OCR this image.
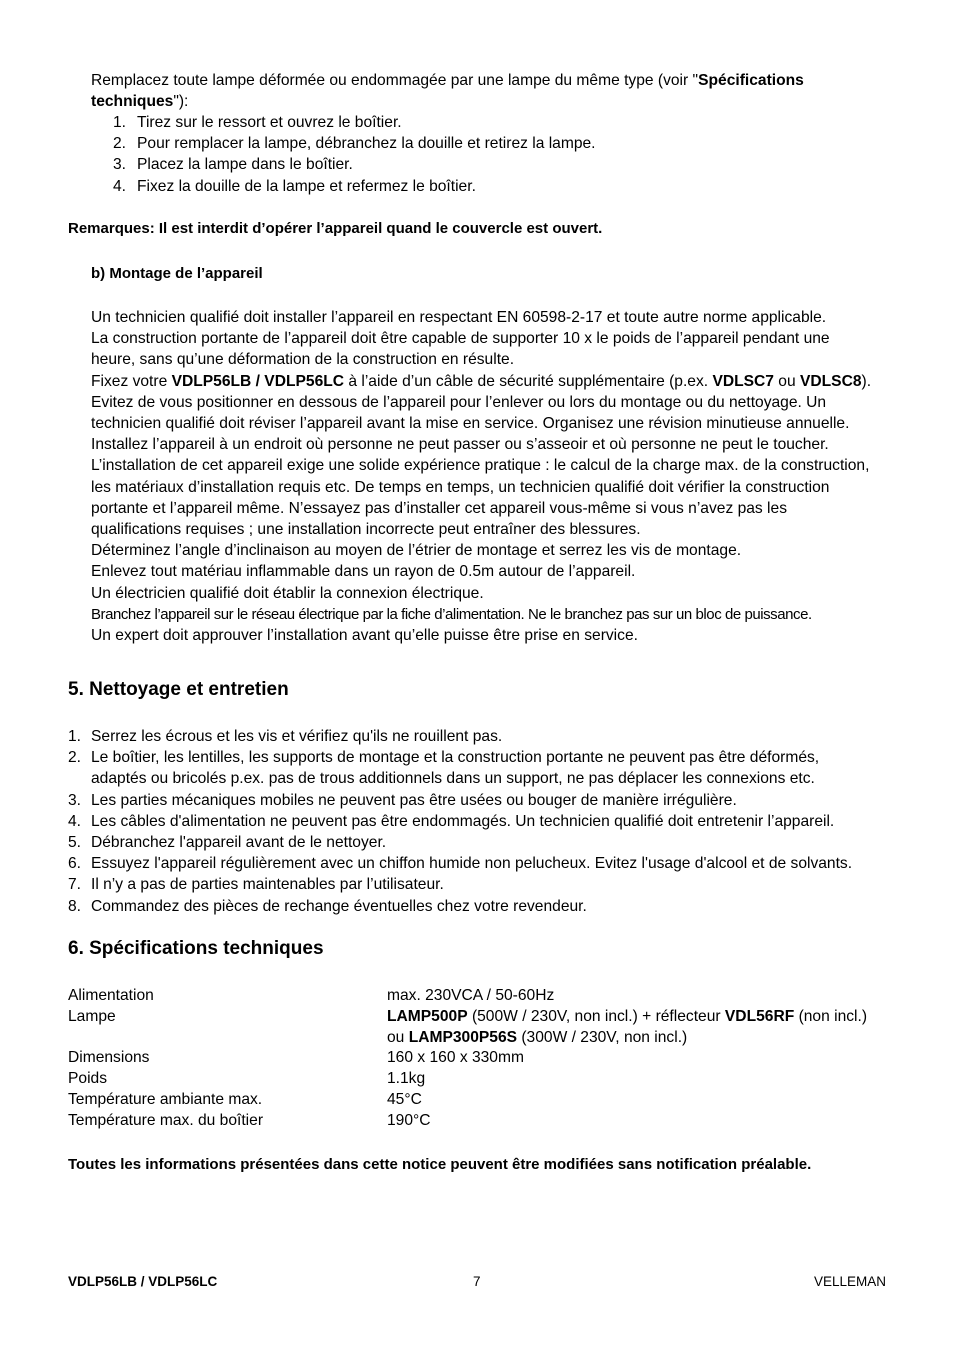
Remplacez toute lampe déformée ou endommagée par une lampe du même type (voir "Spécifications
techniques"):
1. Tirez sur le ressort et ouvrez le boîtier.
2. Pour remplacer la lampe, débranchez la douille et retirez la lampe.
3. Placez la lampe dans le boîtier.
4. Fixez la douille de la lampe et refermez le boîtier.
Remarques: Il est interdit d’opérer l’appareil quand le couvercle est ouvert.
b) Montage de l’appareil
Un technicien qualifié doit installer l’appareil en respectant EN 60598-2-17 et toute autre norme applicable.
La construction portante de l’appareil doit être capable de supporter 10 x le poids de l’appareil pendant une
heure, sans qu’une déformation de la construction en résulte.
Fixez votre VDLP56LB / VDLP56LC à l’aide d’un câble de sécurité supplémentaire (p.ex. VDLSC7 ou VDLSC8).
Evitez de vous positionner en dessous de l’appareil pour l’enlever ou lors du montage ou du nettoyage. Un
technicien qualifié doit réviser l’appareil avant la mise en service. Organisez une révision minutieuse annuelle.
Installez l’appareil à un endroit où personne ne peut passer ou s’asseoir et où personne ne peut le toucher.
L’installation de cet appareil exige une solide expérience pratique : le calcul de la charge max. de la construction,
les matériaux d’installation requis etc. De temps en temps, un technicien qualifié doit vérifier la construction
portante et l’appareil même. N’essayez pas d’installer cet appareil vous-même si vous n’avez pas les
qualifications requises ; une installation incorrecte peut entraîner des blessures.
Déterminez l’angle d’inclinaison au moyen de l’étrier de montage et serrez les vis de montage.
Enlevez tout matériau inflammable dans un rayon de 0.5m autour de l’appareil.
Un électricien qualifié doit établir la connexion électrique.
Branchez l’appareil sur le réseau électrique par la fiche d’alimentation. Ne le branchez pas sur un bloc de puissance.
Un expert doit approuver l’installation avant qu’elle puisse être prise en service.
5. Nettoyage et entretien
1. Serrez les écrous et les vis et vérifiez qu'ils ne rouillent pas.
2. Le boîtier, les lentilles, les supports de montage et la construction portante ne peuvent pas être déformés,
adaptés ou bricolés p.ex. pas de trous additionnels dans un support, ne pas déplacer les connexions etc.
3. Les parties mécaniques mobiles ne peuvent pas être usées ou bouger de manière irrégulière.
4. Les câbles d'alimentation ne peuvent pas être endommagés. Un technicien qualifié doit entretenir l’appareil.
5. Débranchez l'appareil avant de le nettoyer.
6. Essuyez l'appareil régulièrement avec un chiffon humide non pelucheux. Evitez l'usage d'alcool et de solvants.
7. Il n’y a pas de parties maintenables par l’utilisateur.
8. Commandez des pièces de rechange éventuelles chez votre revendeur.
6. Spécifications techniques
Alimentation	max. 230VCA / 50-60Hz
Lampe	LAMP500P (500W / 230V, non incl.) + réflecteur VDL56RF (non incl.)
ou LAMP300P56S (300W / 230V, non incl.)
Dimensions	160 x 160 x 330mm
Poids	1.1kg
Température ambiante max.	45°C
Température max. du boîtier	190°C
Toutes les informations présentées dans cette notice peuvent être modifiées sans notification préalable.
VDLP56LB / VDLP56LC	7	VELLEMAN
